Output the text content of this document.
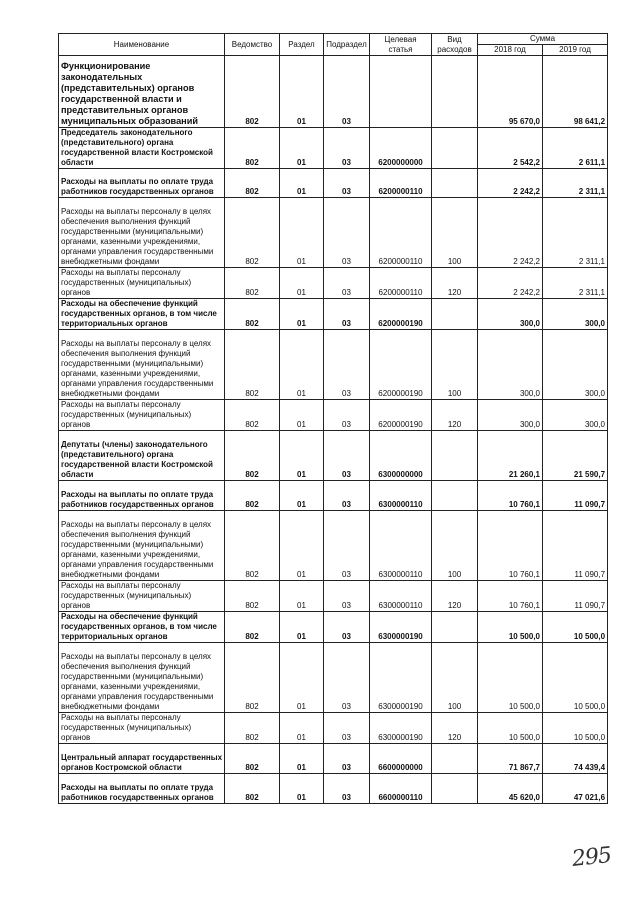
Наименование	Ведомство	Раздел	Подраздел	Целевая статья	Вид расходов	Сумма	
						2018 год	2019 год
Функционирование законодательных (представительных) органов государственной власти и представительных органов муниципальных образований	802	01	03			95 670,0	98 641,2
Председатель законодательного (представительного) органа государственной власти Костромской области	802	01	03	6200000000		2 542,2	2 611,1
Расходы на выплаты по оплате труда работников государственных органов	802	01	03	6200000110		2 242,2	2 311,1
Расходы на выплаты персоналу в целях обеспечения выполнения функций государственными (муниципальными) органами, казенными учреждениями, органами управления государственными внебюджетными фондами	802	01	03	6200000110	100	2 242,2	2 311,1
Расходы на выплаты персоналу государственных (муниципальных) органов	802	01	03	6200000110	120	2 242,2	2 311,1
Расходы на обеспечение функций государственных органов, в том числе территориальных органов	802	01	03	6200000190		300,0	300,0
Расходы на выплаты персоналу в целях обеспечения выполнения функций государственными (муниципальными) органами, казенными учреждениями, органами управления государственными внебюджетными фондами	802	01	03	6200000190	100	300,0	300,0
Расходы на выплаты персоналу государственных (муниципальных) органов	802	01	03	6200000190	120	300,0	300,0
Депутаты (члены) законодательного (представительного) органа государственной власти Костромской области	802	01	03	6300000000		21 260,1	21 590,7
Расходы на выплаты по оплате труда работников государственных органов	802	01	03	6300000110		10 760,1	11 090,7
Расходы на выплаты персоналу в целях обеспечения выполнения функций государственными (муниципальными) органами, казенными учреждениями, органами управления государственными внебюджетными фондами	802	01	03	6300000110	100	10 760,1	11 090,7
Расходы на выплаты персоналу государственных (муниципальных) органов	802	01	03	6300000110	120	10 760,1	11 090,7
Расходы на обеспечение функций государственных органов, в том числе территориальных органов	802	01	03	6300000190		10 500,0	10 500,0
Расходы на выплаты персоналу в целях обеспечения выполнения функций государственными (муниципальными) органами, казенными учреждениями, органами управления государственными внебюджетными фондами	802	01	03	6300000190	100	10 500,0	10 500,0
Расходы на выплаты персоналу государственных (муниципальных) органов	802	01	03	6300000190	120	10 500,0	10 500,0
Центральный аппарат государственных органов Костромской области	802	01	03	6600000000		71 867,7	74 439,4
Расходы на выплаты по оплате труда работников государственных органов	802	01	03	6600000110		45 620,0	47 021,6
295
